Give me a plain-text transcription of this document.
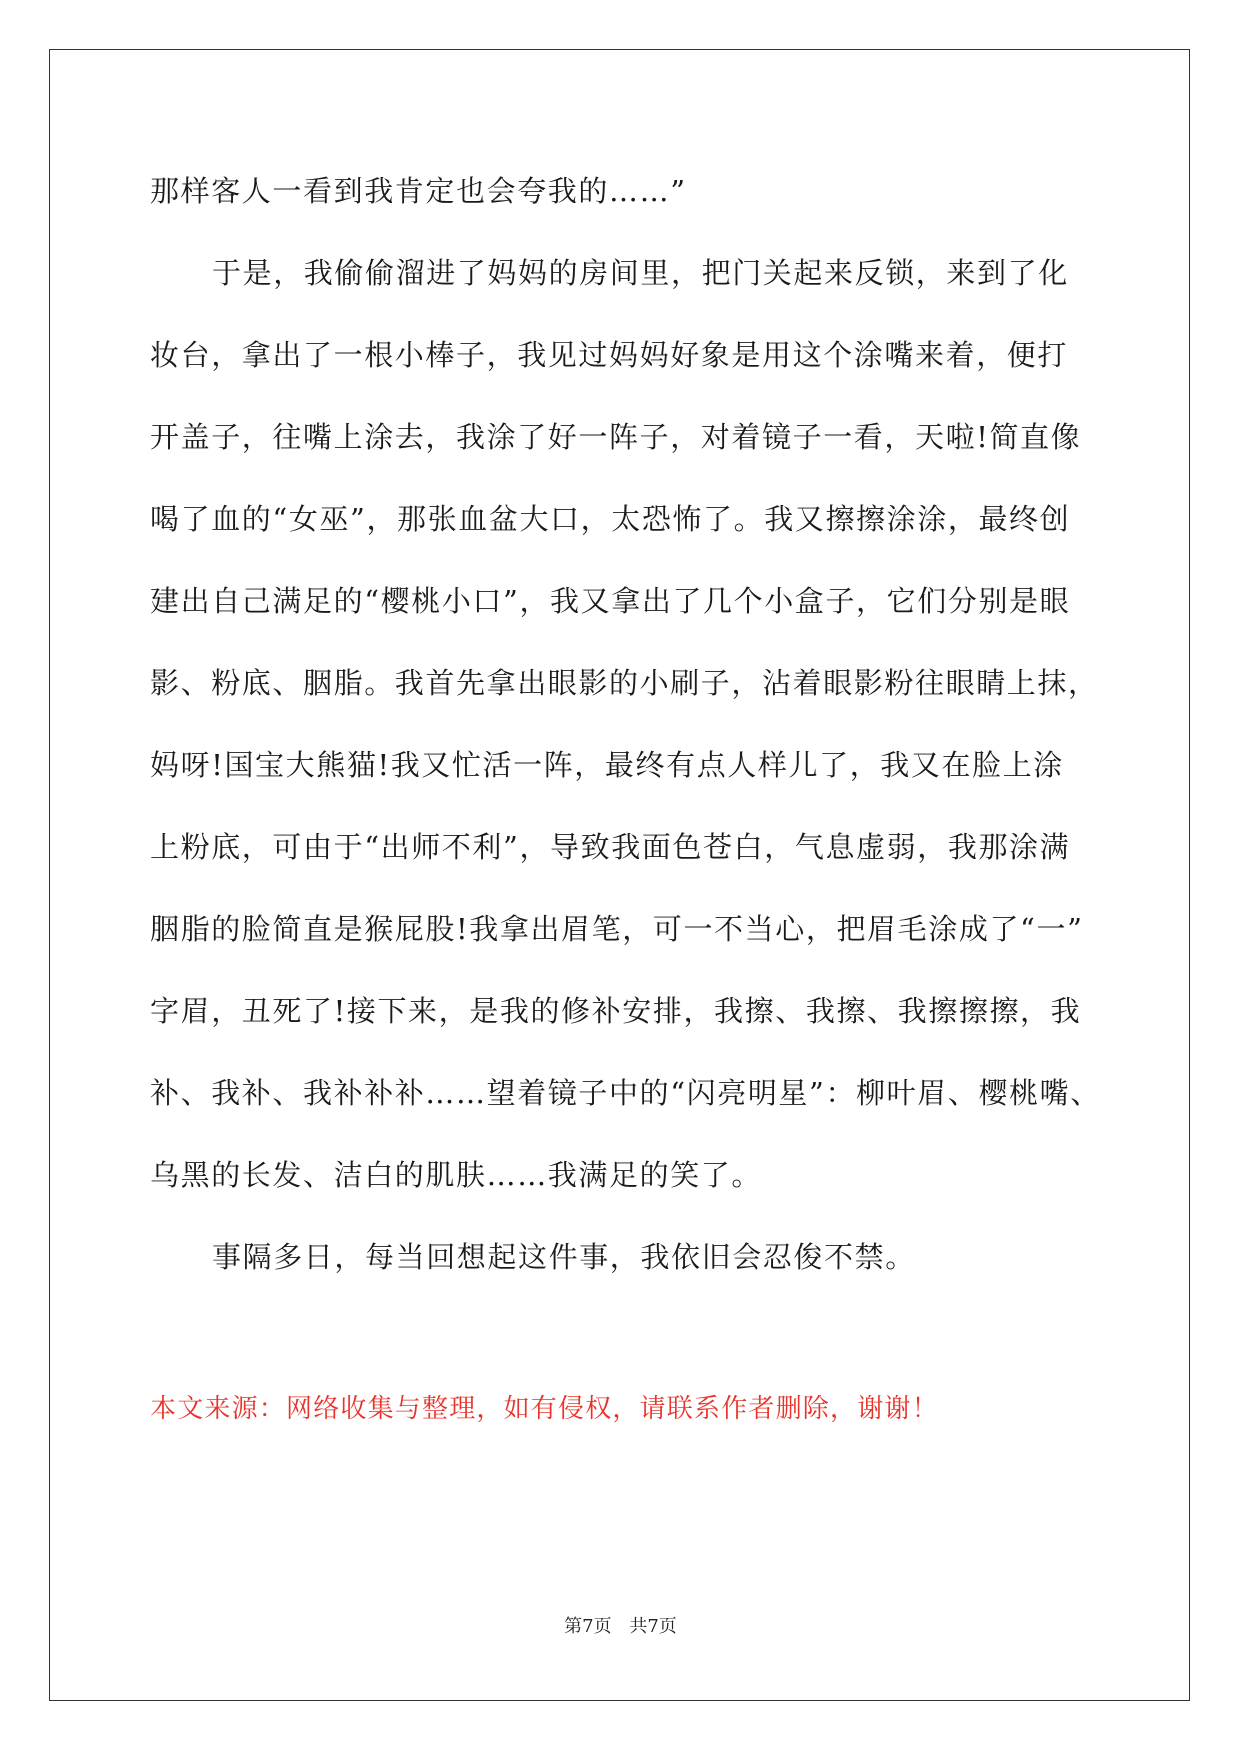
那样客人一看到我肯定也会夸我的……”
于是，我偷偷溜进了妈妈的房间里，把门关起来反锁，来到了化
妆台，拿出了一根小棒子，我见过妈妈好象是用这个涂嘴来着，便打
开盖子，往嘴上涂去，我涂了好一阵子，对着镜子一看，天啦!简直像
喝了血的“女巫”，那张血盆大口，太恐怖了。我又擦擦涂涂，最终创
建出自己满足的“樱桃小口”，我又拿出了几个小盒子，它们分别是眼
影、粉底、胭脂。我首先拿出眼影的小刷子，沾着眼影粉往眼睛上抹，
妈呀!国宝大熊猫!我又忙活一阵，最终有点人样儿了，我又在脸上涂
上粉底，可由于“出师不利”，导致我面色苍白，气息虚弱，我那涂满
胭脂的脸简直是猴屁股!我拿出眉笔，可一不当心，把眉毛涂成了“一”
字眉，丑死了!接下来，是我的修补安排，我擦、我擦、我擦擦擦，我
补、我补、我补补补……望着镜子中的“闪亮明星”：柳叶眉、樱桃嘴、
乌黑的长发、洁白的肌肤……我满足的笑了。
事隔多日，每当回想起这件事，我依旧会忍俊不禁。
本文来源：网络收集与整理，如有侵权，请联系作者删除，谢谢！
第7页 共7页
